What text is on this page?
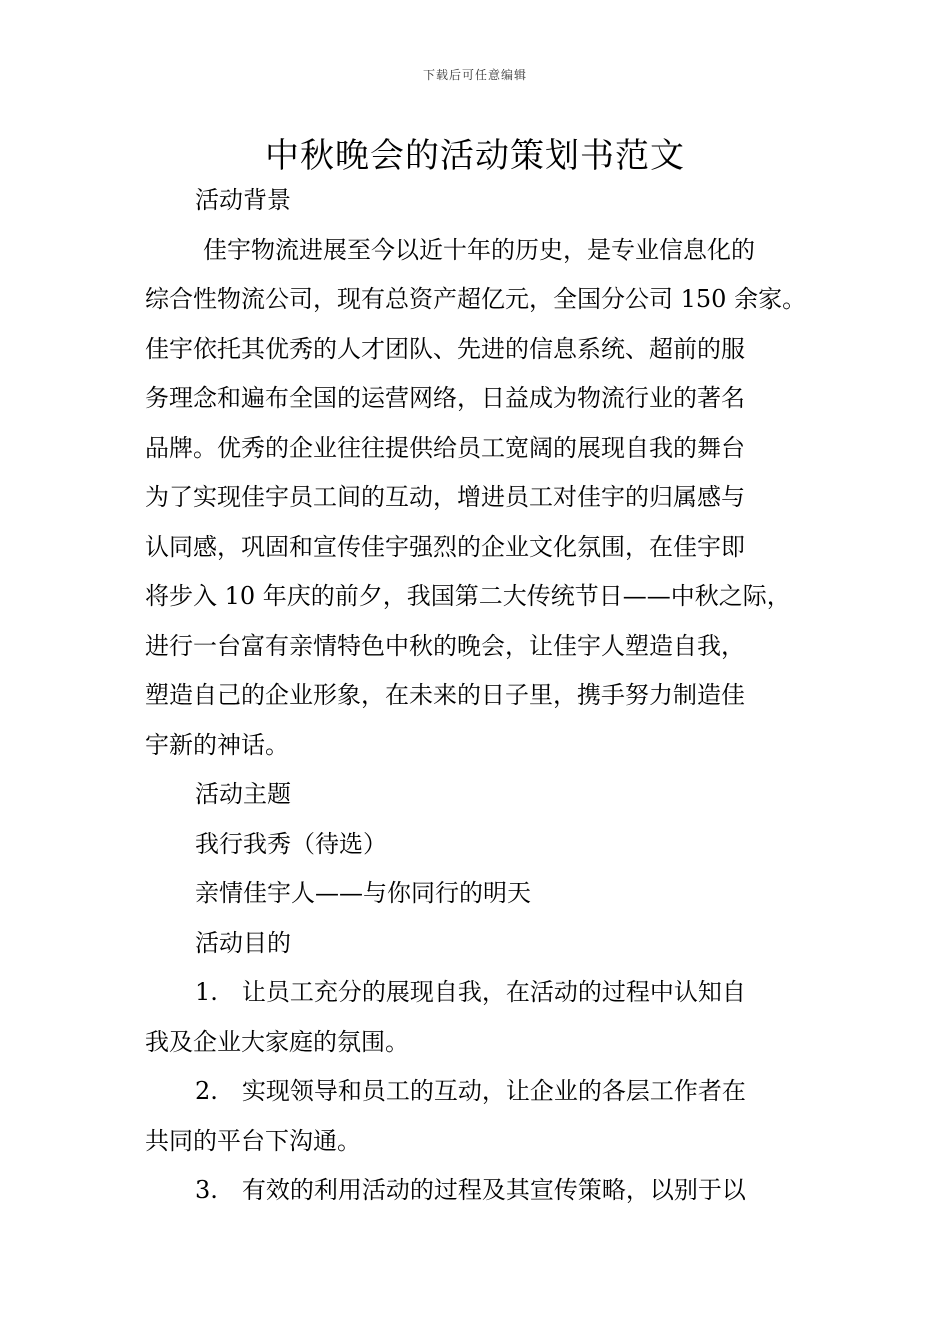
下载后可任意编辑
中秋晚会的活动策划书范文
活动背景
佳宇物流进展至今以近十年的历史，是专业信息化的
综合性物流公司，现有总资产超亿元，全国分公司 150 余家。
佳宇依托其优秀的人才团队、先进的信息系统、超前的服
务理念和遍布全国的运营网络，日益成为物流行业的著名
品牌。优秀的企业往往提供给员工宽阔的展现自我的舞台
为了实现佳宇员工间的互动，增进员工对佳宇的归属感与
认同感，巩固和宣传佳宇强烈的企业文化氛围，在佳宇即
将步入 10 年庆的前夕，我国第二大传统节日——中秋之际，
进行一台富有亲情特色中秋的晚会，让佳宇人塑造自我，
塑造自己的企业形象，在未来的日子里，携手努力制造佳
宇新的神话。
活动主题
我行我秀（待选）
亲情佳宇人——与你同行的明天
活动目的
1.　让员工充分的展现自我，在活动的过程中认知自
我及企业大家庭的氛围。
2.　实现领导和员工的互动，让企业的各层工作者在
共同的平台下沟通。
3.　有效的利用活动的过程及其宣传策略，以别于以
